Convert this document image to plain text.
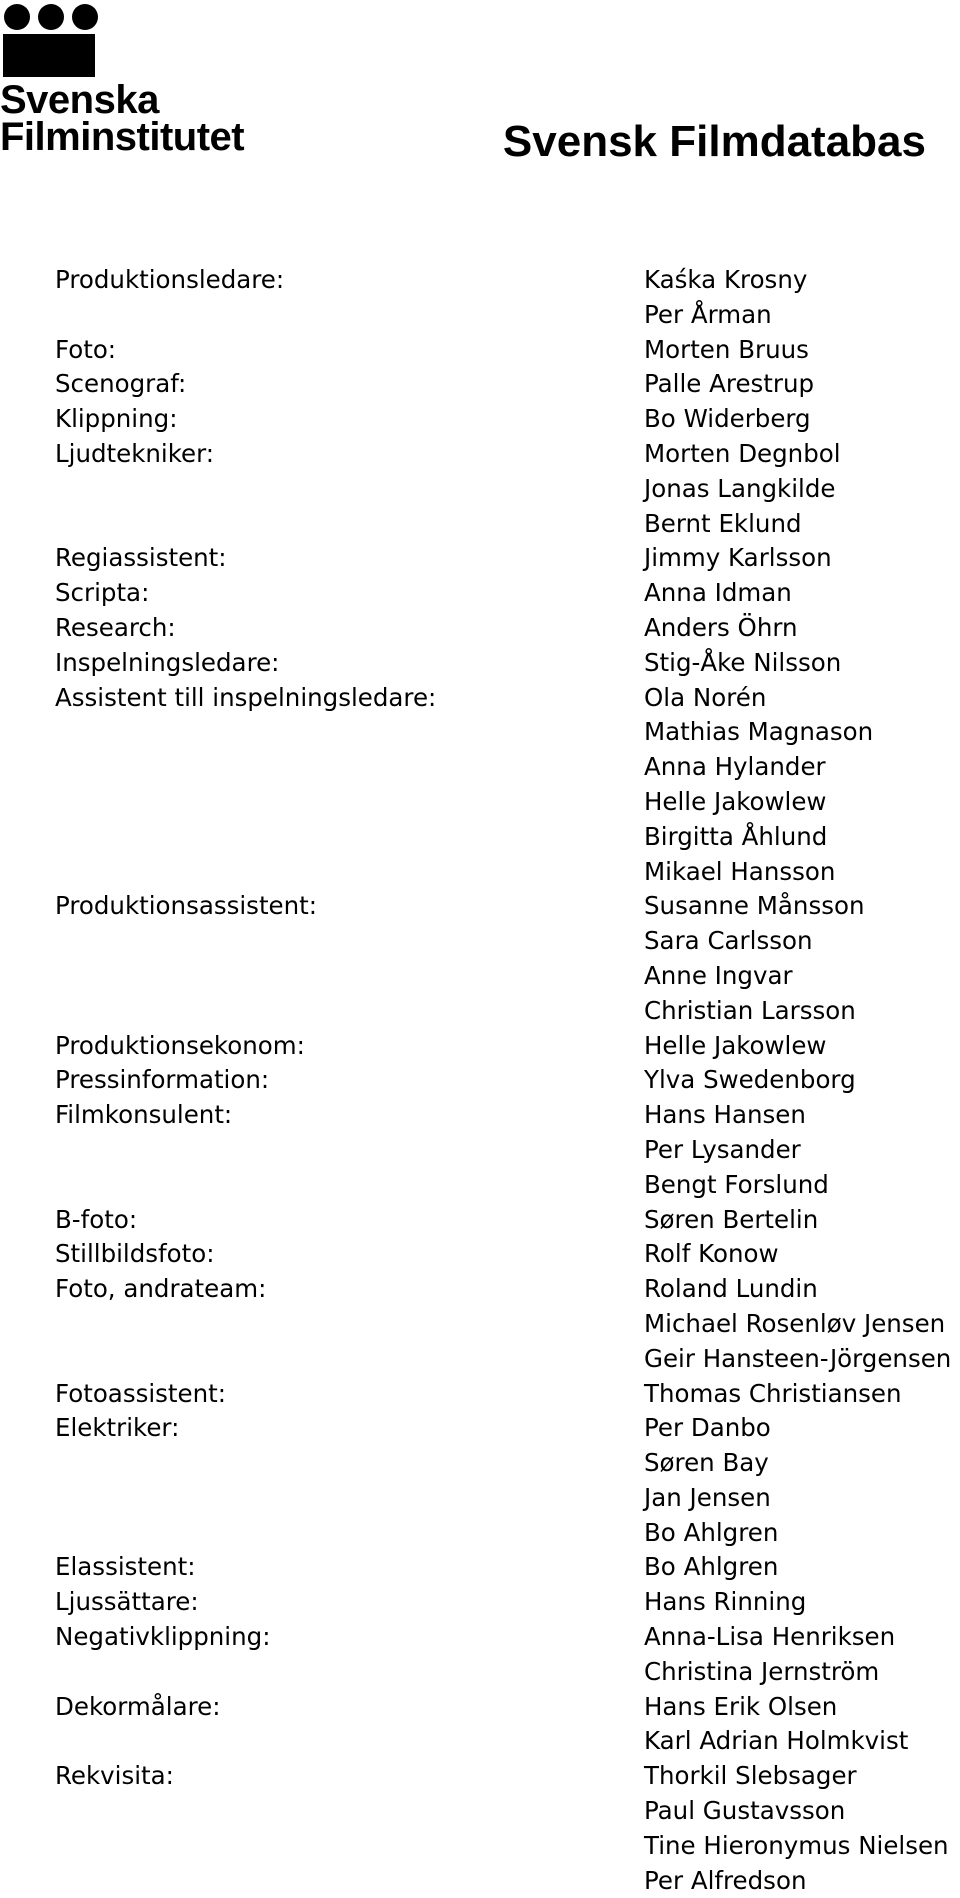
Svenska
Filminstitutet	Svensk Filmdatabas
Produktionsledare:	Kaśka Krosny
Per Årman
Foto:	Morten Bruus
Scenograf:	Palle Arestrup
Klippning:	Bo Widerberg
Ljudtekniker:	Morten Degnbol
Jonas Langkilde
Bernt Eklund
Regiassistent:	Jimmy Karlsson
Scripta:	Anna Idman
Research:	Anders Öhrn
Inspelningsledare:	Stig-Åke Nilsson
Assistent till inspelningsledare:	Ola Norén
Mathias Magnason
Anna Hylander
Helle Jakowlew
Birgitta Åhlund
Mikael Hansson
Produktionsassistent:	Susanne Månsson
Sara Carlsson
Anne Ingvar
Christian Larsson
Produktionsekonom:	Helle Jakowlew
Pressinformation:	Ylva Swedenborg
Filmkonsulent:	Hans Hansen
Per Lysander
Bengt Forslund
B-foto:	Søren Bertelin
Stillbildsfoto:	Rolf Konow
Foto, andrateam:	Roland Lundin
Michael Rosenløv Jensen
Geir Hansteen-Jörgensen
Fotoassistent:	Thomas Christiansen
Elektriker:	Per Danbo
Søren Bay
Jan Jensen
Bo Ahlgren
Elassistent:	Bo Ahlgren
Ljussättare:	Hans Rinning
Negativklippning:	Anna-Lisa Henriksen
Christina Jernström
Dekormålare:	Hans Erik Olsen
Karl Adrian Holmkvist
Rekvisita:	Thorkil Slebsager
Paul Gustavsson
Tine Hieronymus Nielsen
Per Alfredson
